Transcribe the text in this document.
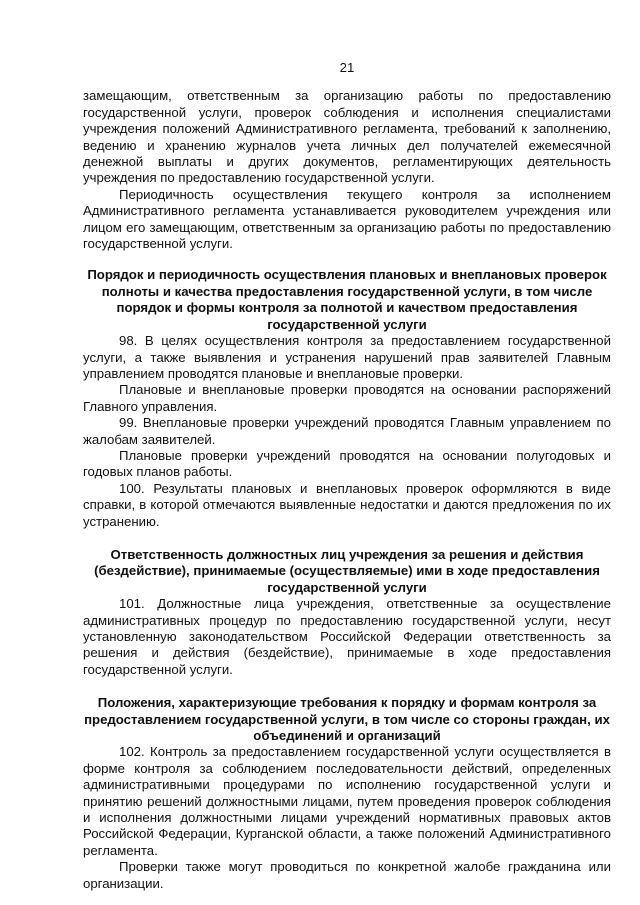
21

замещающим, ответственным за организацию работы по предоставлению государственной услуги, проверок соблюдения и исполнения специалистами учреждения положений Административного регламента, требований к заполнению, ведению и хранению журналов учета личных дел получателей ежемесячной денежной выплаты и других документов, регламентирующих деятельность учреждения по предоставлению государственной услуги.

Периодичность осуществления текущего контроля за исполнением Административного регламента устанавливается руководителем учреждения или лицом его замещающим, ответственным за организацию работы по предоставлению государственной услуги.

Порядок и периодичность осуществления плановых и внеплановых проверок полноты и качества предоставления государственной услуги, в том числе порядок и формы контроля за полнотой и качеством предоставления государственной услуги

98. В целях осуществления контроля за предоставлением государственной услуги, а также выявления и устранения нарушений прав заявителей Главным управлением проводятся плановые и внеплановые проверки.

Плановые и внеплановые проверки проводятся на основании распоряжений Главного управления.

99. Внеплановые проверки учреждений проводятся Главным управлением по жалобам заявителей.

Плановые проверки учреждений проводятся на основании полугодовых и годовых планов работы.

100. Результаты плановых и внеплановых проверок оформляются в виде справки, в которой отмечаются выявленные недостатки и даются предложения по их устранению.

Ответственность должностных лиц учреждения за решения и действия (бездействие), принимаемые (осуществляемые) ими в ходе предоставления государственной услуги

101. Должностные лица учреждения, ответственные за осуществление административных процедур по предоставлению государственной услуги, несут установленную законодательством Российской Федерации ответственность за решения и действия (бездействие), принимаемые в ходе предоставления государственной услуги.

Положения, характеризующие требования к порядку и формам контроля за предоставлением государственной услуги, в том числе со стороны граждан, их объединений и организаций

102. Контроль за предоставлением государственной услуги осуществляется в форме контроля за соблюдением последовательности действий, определенных административными процедурами по исполнению государственной услуги и принятию решений должностными лицами, путем проведения проверок соблюдения и исполнения должностными лицами учреждений нормативных правовых актов Российской Федерации, Курганской области, а также положений Административного регламента.

Проверки также могут проводиться по конкретной жалобе гражданина или организации.
